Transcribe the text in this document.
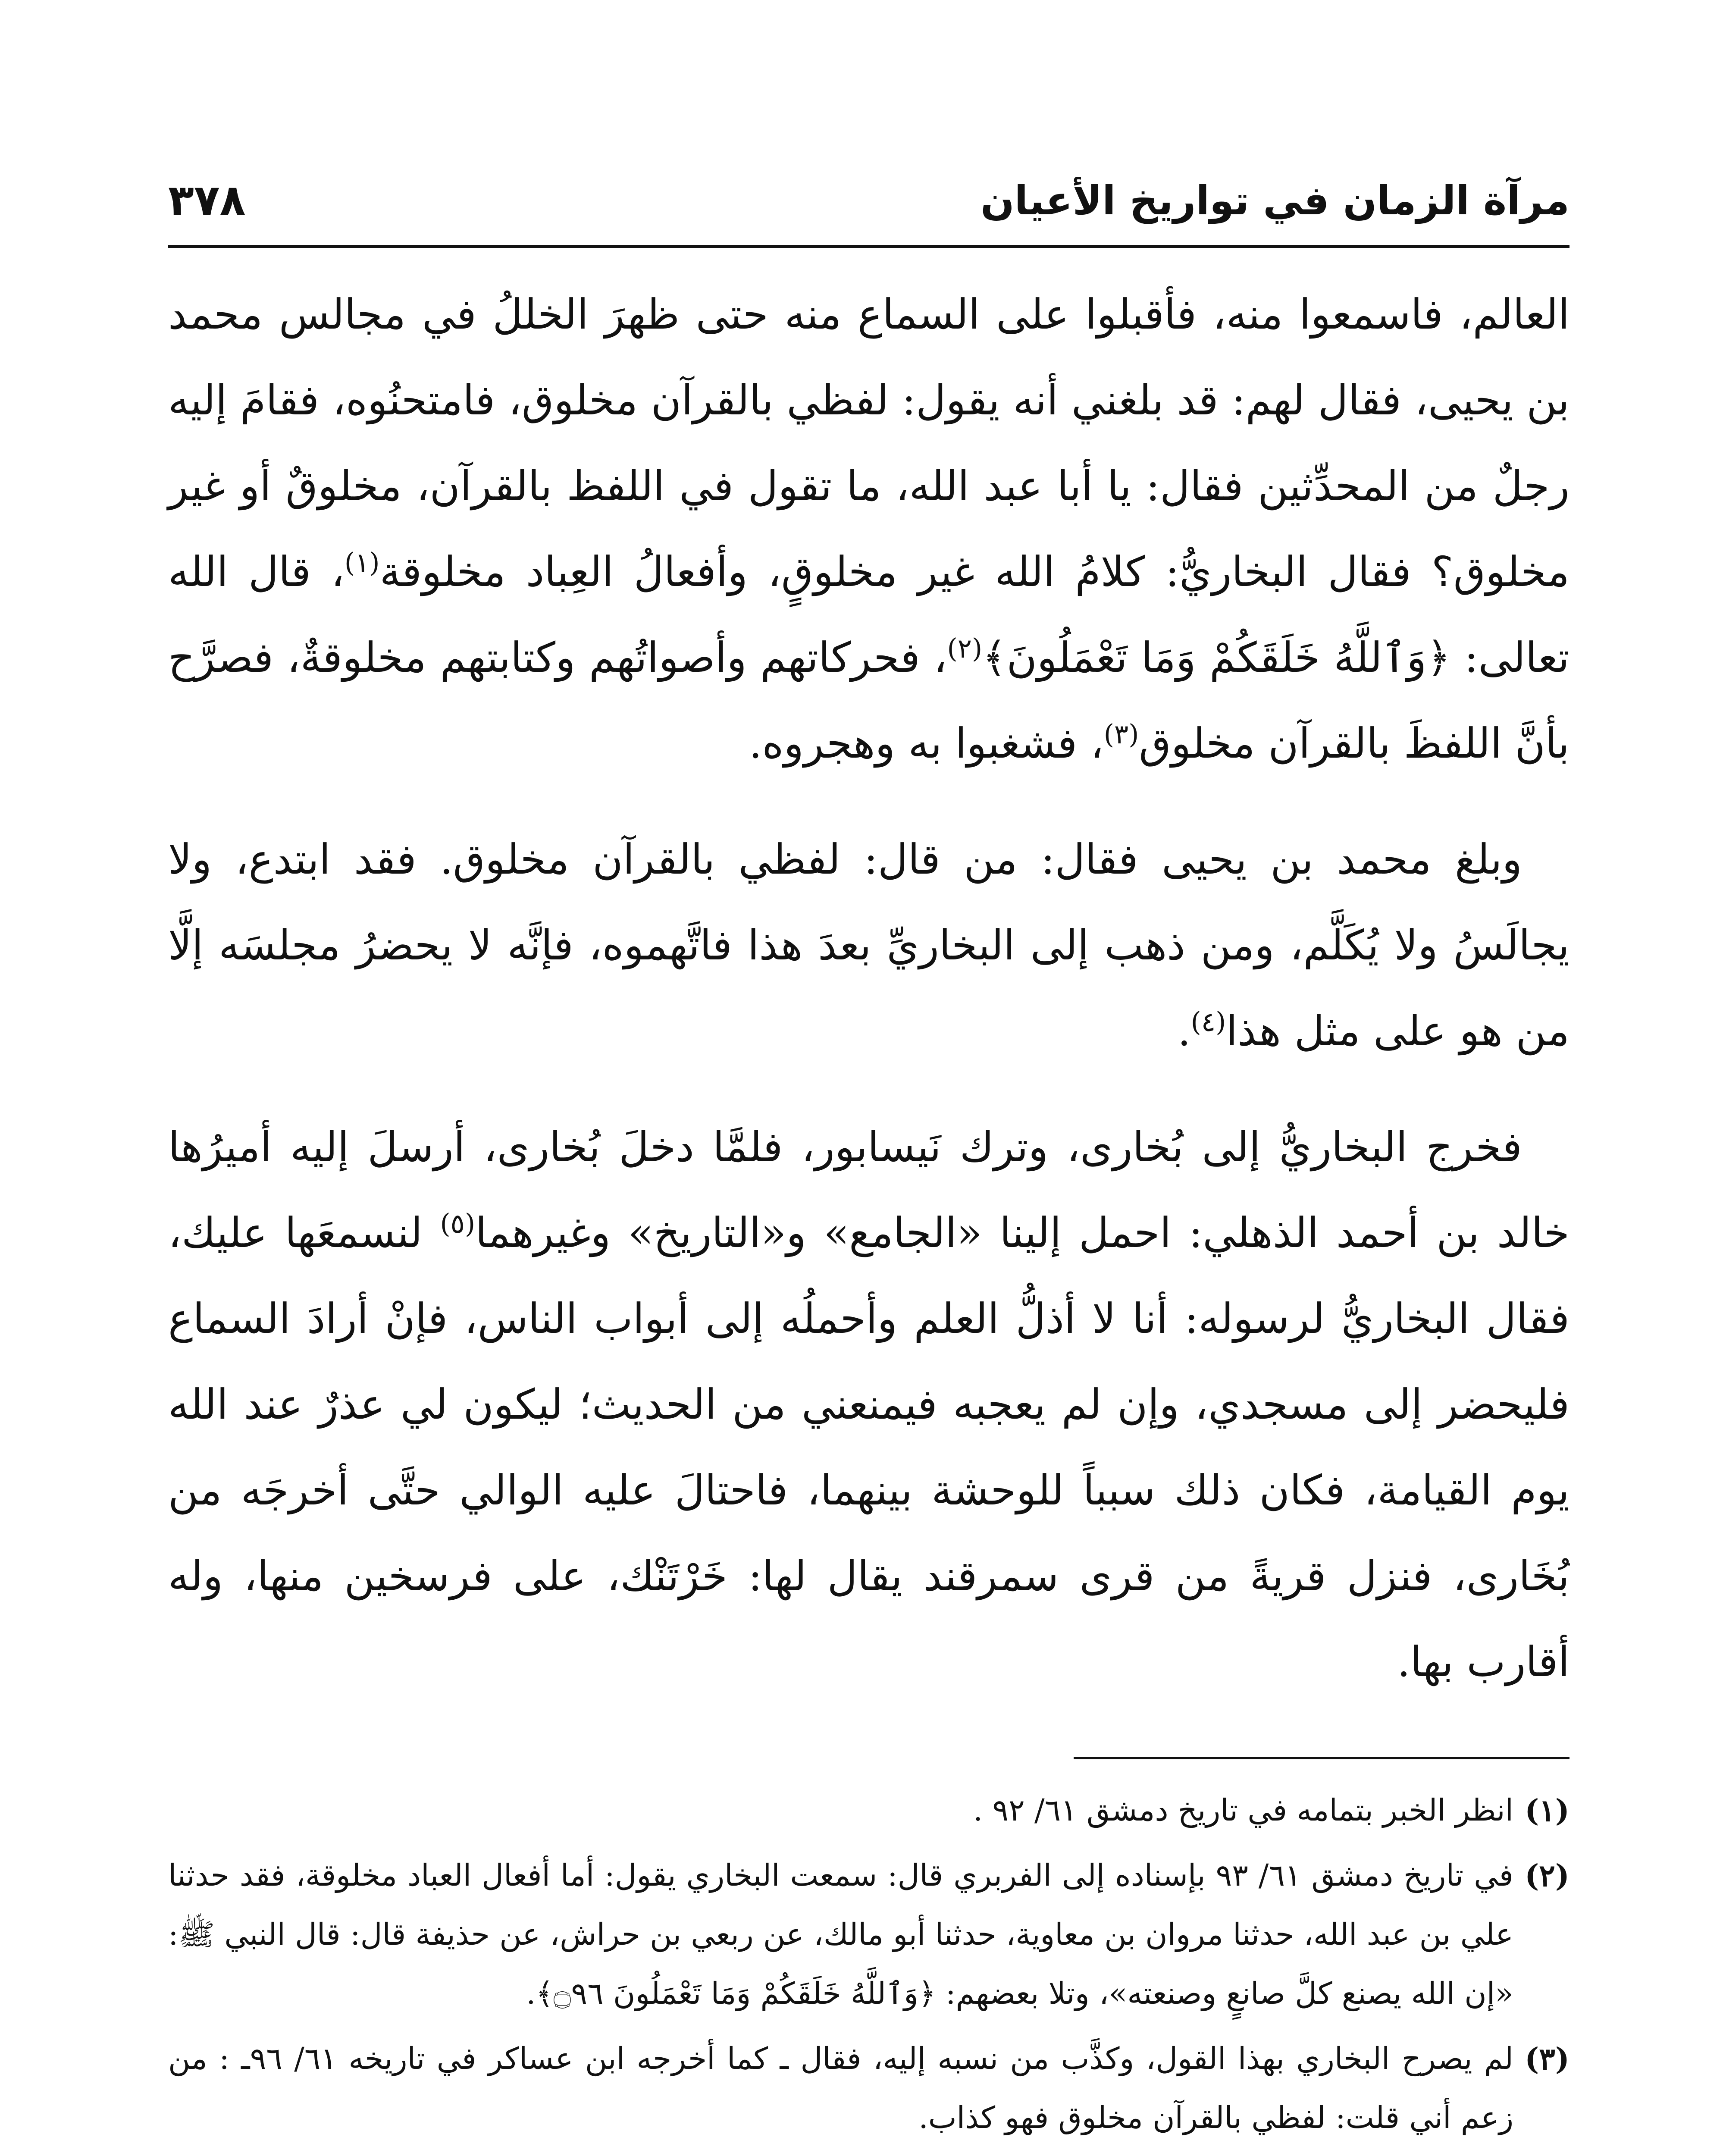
مرآة الزمان في تواريخ الأعيان
٣٧٨

العالم، فاسمعوا منه، فأقبلوا على السماع منه حتى ظهرَ الخللُ في مجالس محمد بن يحيى، فقال لهم: قد بلغني أنه يقول: لفظي بالقرآن مخلوق، فامتحنُوه، فقامَ إليه رجلٌ من المحدِّثين فقال: يا أبا عبد الله، ما تقول في اللفظ بالقرآن، مخلوقٌ أو غير مخلوق؟ فقال البخاريُّ: كلامُ الله غير مخلوقٍ، وأفعالُ العِباد مخلوقة$^{(١)}$، قال الله تعالى: ﴿وَٱللَّهُ خَلَقَكُمْ وَمَا تَعْمَلُونَ﴾$^{(٢)}$، فحركاتهم وأصواتُهم وكتابتهم مخلوقةٌ، فصرَّح بأنَّ اللفظَ بالقرآن مخلوق$^{(٣)}$، فشغبوا به وهجروه.

وبلغ محمد بن يحيى فقال: من قال: لفظي بالقرآن مخلوق. فقد ابتدع، ولا يجالَسُ ولا يُكَلَّم، ومن ذهب إلى البخاريِّ بعدَ هذا فاتَّهموه، فإنَّه لا يحضرُ مجلسَه إلَّا من هو على مثل هذا$^{(٤)}$.

فخرج البخاريُّ إلى بُخارى، وترك نَيسابور، فلمَّا دخلَ بُخارى، أرسلَ إليه أميرُها خالد بن أحمد الذهلي: احمل إلينا «الجامع» و«التاريخ» وغيرهما$^{(٥)}$ لنسمعَها عليك، فقال البخاريُّ لرسوله: أنا لا أذلُّ العلم وأحملُه إلى أبواب الناس، فإنْ أرادَ السماع فليحضر إلى مسجدي، وإن لم يعجبه فيمنعني من الحديث؛ ليكون لي عذرٌ عند الله يوم القيامة، فكان ذلك سبباً للوحشة بينهما، فاحتالَ عليه الوالي حتَّى أخرجَه من بُخَارى، فنزل قريةً من قرى سمرقند يقال لها: خَرْتَنْك، على فرسخين منها، وله أقارب بها.

(١)

انظر الخبر بتمامه في تاريخ دمشق ٦١/ ٩٢ .

(٢)

في تاريخ دمشق ٦١/ ٩٣ بإسناده إلى الفربري قال: سمعت البخاري يقول: أما أفعال العباد مخلوقة، فقد حدثنا علي بن عبد الله، حدثنا مروان بن معاوية، حدثنا أبو مالك، عن ربعي بن حراش، عن حذيفة قال: قال النبي ﷺ: «إن الله يصنع كلَّ صانعٍ وصنعته»، وتلا بعضهم: ﴿وَٱللَّهُ خَلَقَكُمْ وَمَا تَعْمَلُونَ ۝٩٦﴾.

(٣)

لم يصرح البخاري بهذا القول، وكذَّب من نسبه إليه، فقال ـ كما أخرجه ابن عساكر في تاريخه ٦١/ ٩٦ـ : من زعم أني قلت: لفظي بالقرآن مخلوق فهو كذاب.
